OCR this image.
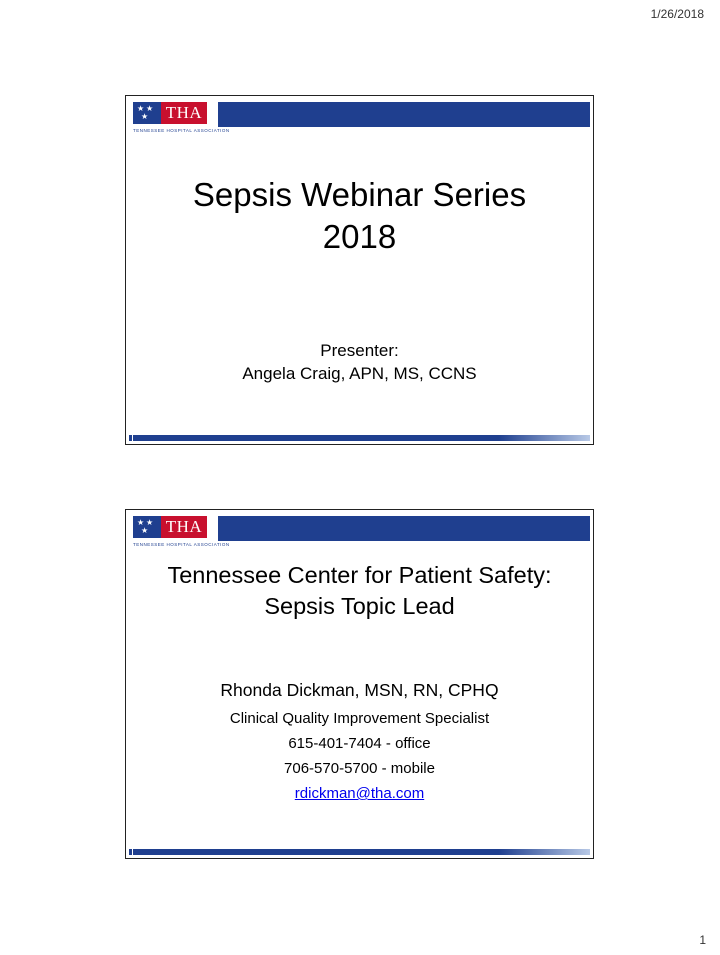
1/26/2018
★ ★
★ THA
TENNESSEE HOSPITAL ASSOCIATION
Sepsis Webinar Series
2018
Presenter:
Angela Craig, APN, MS, CCNS
★ ★
★ THA
TENNESSEE HOSPITAL ASSOCIATION
Tennessee Center for Patient Safety:
Sepsis Topic Lead
Rhonda Dickman, MSN, RN, CPHQ
Clinical Quality Improvement Specialist
615-401-7404 - office
706-570-5700 - mobile
rdickman@tha.com
1
